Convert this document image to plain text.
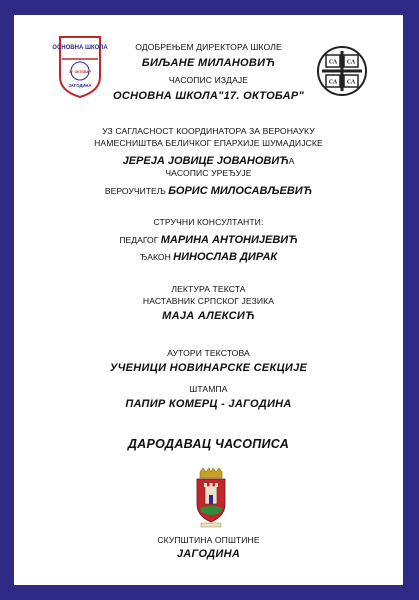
ОСНОВНА ШКОЛА
17. ОКТОБАР
ЈАГОДИНА
СА СА
СА СА
ОДОБРЕЊЕМ ДИРЕКТОРА ШКОЛЕ
БИЉАНЕ МИЛАНОВИЋ
ЧАСОПИС ИЗДАЈЕ
ОСНОВНА ШКОЛА"17. ОКТОБАР"
УЗ САГЛАСНОСТ КООРДИНАТОРА ЗА ВЕРОНАУКУ
НАМЕСНИШТВА БЕЛИЧКОГ ЕПАРХИЈЕ ШУМАДИЈСКЕ
ЈЕРЕЈА ЈОВИЦЕ ЈОВАНОВИЋА
ЧАСОПИС УРЕЂУЈЕ
ВЕРОУЧИТЕЉ БОРИС МИЛОСАВЉЕВИЋ
СТРУЧНИ КОНСУЛТАНТИ:
ПЕДАГОГ МАРИНА АНТОНИЈЕВИЋ
ЂАКОН НИНОСЛАВ ДИРАК
ЛЕКТУРА ТЕКСТА
НАСТАВНИК СРПСКОГ ЈЕЗИКА
МАЈА АЛЕКСИЋ
АУТОРИ ТЕКСТОВА
УЧЕНИЦИ НОВИНАРСКЕ СЕКЦИЈЕ
ШТАМПА
ПАПИР КОМЕРЦ - ЈАГОДИНА
ДАРОДАВАЦ ЧАСОПИСА
СКУПШТИНА ОПШТИНЕ
ЈАГОДИНА
